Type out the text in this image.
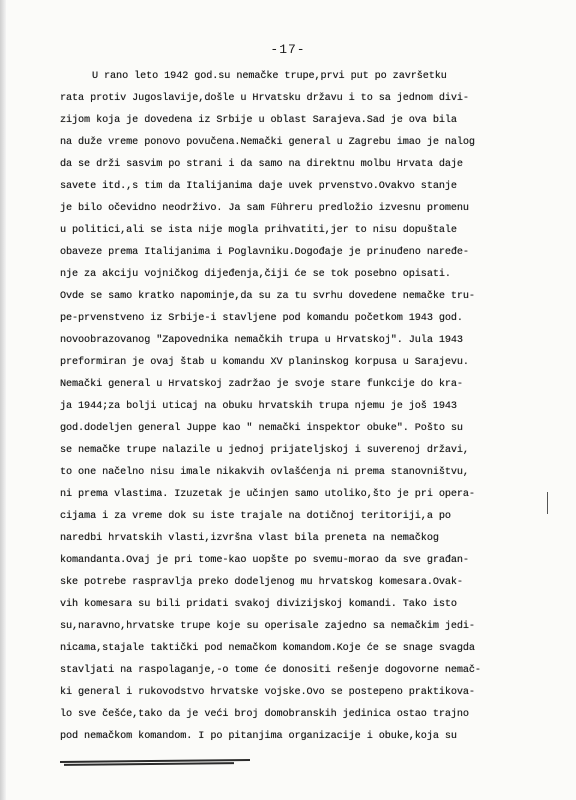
-17-
U rano leto 1942 god.su nemačke trupe,prvi put po završetku
rata protiv Jugoslavije,došle u Hrvatsku državu i to sa jednom divi-
zijom koja je dovedena iz Srbije u oblast Sarajeva.Sad je ova bila
na duže vreme ponovo povučena.Nemački general u Zagrebu imao je nalog
da se drži sasvim po strani i da samo na direktnu molbu Hrvata daje
savete itd.,s tim da Italijanima daje uvek prvenstvo.Ovakvo stanje
je bilo očevidno neodrživo. Ja sam Führeru predložio izvesnu promenu
u politici,ali se ista nije mogla prihvatiti,jer to nisu dopuštale
obaveze prema Italijanima i Poglavniku.Dogođaje je prinuđeno naređe-
nje za akciju vojničkog dijeđenja,čiji će se tok posebno opisati.
Ovde se samo kratko napominje,da su za tu svrhu dovedene nemačke tru-
pe-prvenstveno iz Srbije-i stavljene pod komandu početkom 1943 god.
novoobrazovanog "Zapovednika nemačkih trupa u Hrvatskoj". Jula 1943
preformiran je ovaj štab u komandu XV planinskog korpusa u Sarajevu.
Nemački general u Hrvatskoj zadržao je svoje stare funkcije do kra-
ja 1944;za bolji uticaj na obuku hrvatskih trupa njemu je još 1943
god.dodeljen general Juppe kao " nemački inspektor obuke". Pošto su
se nemačke trupe nalazile u jednoj prijateljskoj i suverenoj državi,
to one načelno nisu imale nikakvih ovlašćenja ni prema stanovništvu,
ni prema vlastima. Izuzetak je učinjen samo utoliko,što je pri opera-
cijama i za vreme dok su iste trajale na dotičnoj teritoriji,a po
naredbi hrvatskih vlasti,izvršna vlast bila preneta na nemačkog
komandanta.Ovaj je pri tome-kao uopšte po svemu-morao da sve građan-
ske potrebe raspravlja preko dodeljenog mu hrvatskog komesara.Ovak-
vih komesara su bili pridati svakoj divizijskoj komandi. Tako isto
su,naravno,hrvatske trupe koje su operisale zajedno sa nemačkim jedi-
nicama,stajale taktički pod nemačkom komandom.Koje će se snage svagda
stavljati na raspolaganje,-o tome će donositi rešenje dogovorne nemač-
ki general i rukovodstvo hrvatske vojske.Ovo se postepeno praktikova-
lo sve češće,tako da je veći broj domobranskih jedinica ostao trajno
pod nemačkom komandom. I po pitanjima organizacije i obuke,koja su
